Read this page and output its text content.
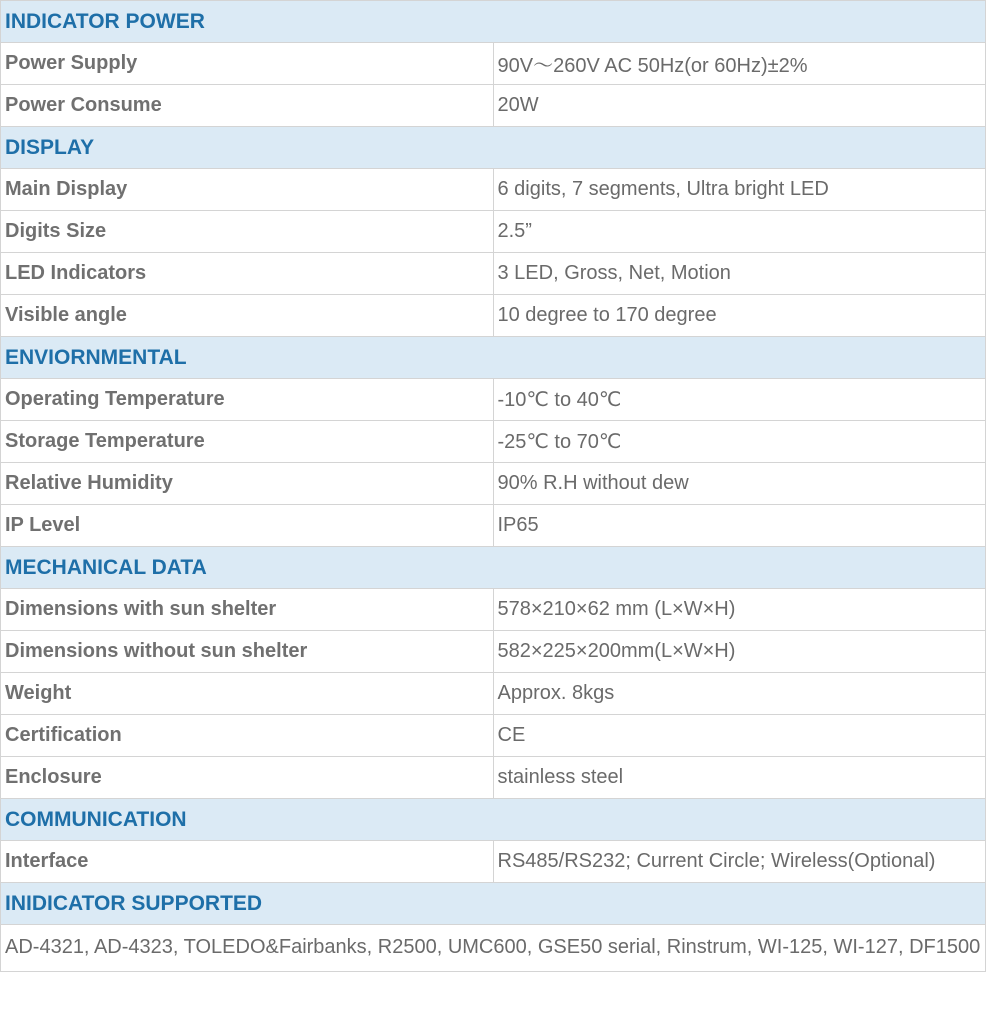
INDICATOR POWER	
Power Supply	90V～260V AC 50Hz(or 60Hz)±2%
Power Consume	20W
DISPLAY	
Main Display	6 digits, 7 segments, Ultra bright LED
Digits Size	2.5”
LED Indicators	3 LED, Gross, Net, Motion
Visible angle	10 degree to 170 degree
ENVIORNMENTAL	
Operating Temperature	-10℃ to 40℃
Storage Temperature	-25℃ to 70℃
Relative Humidity	90% R.H without dew
IP Level	IP65
MECHANICAL DATA	
Dimensions with sun shelter	578×210×62 mm (L×W×H)
Dimensions without sun shelter	582×225×200mm(L×W×H)
Weight	Approx. 8kgs
Certification	CE
Enclosure	stainless steel
COMMUNICATION	
Interface	RS485/RS232; Current Circle; Wireless(Optional)
INIDICATOR SUPPORTED	
AD-4321, AD-4323, TOLEDO&Fairbanks, R2500, UMC600, GSE50 serial, Rinstrum, WI-125, WI-127, DF1500	
